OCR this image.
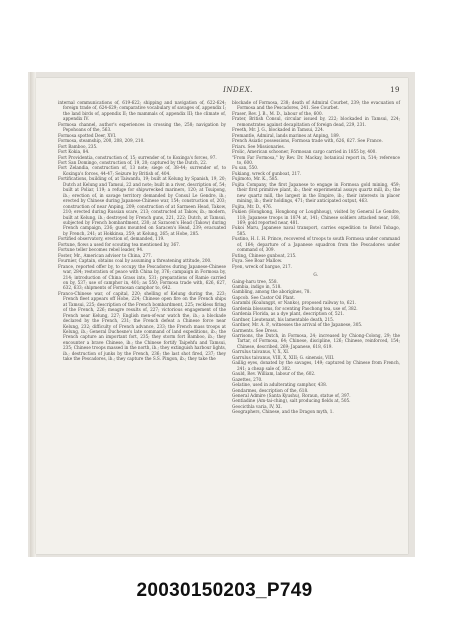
INDEX.	19

internal communications of, 619-622; shipping and navigation of, 622-624; foreign trade of, 624-629; comparative vocabulary of savages of, appendix I; the land birds of, appendix II; the mammals of, appendix III; the climate of, appendix IV.

Formosa channel, author's experiences in crossing the, 258; navigation by Pepohoans of the, 563.

Formosa spotted Deer, XVI.

Formosa, steamship, 200, 208, 209, 210.

Fort Bamboo, 235.

Fort Kokia, 84.

Fort Providentia, construction of, 15; surrender of, to Koxinga's forces, 97.

Fort San Domingo, construction of, 19, 20; captured by the Dutch, 22.

Fort Zelandia, construction of, 13 note; siege of, 38-44; surrender of, to Koxinga's forces, 44-47; Seizure by British of, 404.

Fortifications, building of, at Taiwanfu, 19; built at Kelung by Spanish, 19, 20; Dutch at Kelung and Tamsui, 22 and note; built in a river, description of, 54; built at Poliar, 119; a refuge for shipwrecked mariners, 120; at Tsuipong, ib.; erection of, in savage territory demanded by Consul Le Gendre, ib.; erected by Chinese during Japanese-Chinese war, 154; construction of, 203; construction of near Anping, 209; construction of at Sarmeen Head, Takow, 210; erected during Russian scare, 213; constructed at Takow, ib.; modern, built at Kelung, ib.; destroyed by French guns, 221, 222; Dutch, at Tamsui, subjected by French bombardment, 230; at Saracen's Head (Takow) during French campaign, 236; guns mounted on Saracen's Head, 239; evacuated by French, 241; at Hokkinsa, 259; at Kelung, 265; at Hobe, 285.

Fortified observatory, erection of, demanded, 119.

Fortune, flows a used for scouting tea mentioned by, 367.

Fortune teller becomes rebel leader, 94.

Foster, Mr., American adviser to China, 277.

Fournier, Captain, obtains coal by assuming a threatening attitude, 200.

France, reported offer by, to occupy the Pescadores during Japanese-Chinese war, 284; restoration of peace with China by, 376; campaign in Formosa by, 214; introduction of China Grass into, 531; preparations of Ramie carried on by, 537; use of camphor in, 401; as 550; Formosa trade with, 626, 627, 632, 633; shipments of Formosan camphor to, 642.

Franco-Chinese war, of capital, 220; shelling of Kelung during the, 223; French fleet appears off Hobe, 224; Chinese open fire on the French ships at Tamsui, 225; description of the French bombardment, 225; reckless firing of the French, 226; meagre results of, 227; victorious engagement of the French near Kelung, 227; English men-of-war watch the, ib.; a blockade declared by the French, 231; the French defeat a Chinese force near Kelung, 232; difficulty of French advance, 233; the French mass troops at Kelung, ib.; General Duchesne's late command of land expeditions, ib.; the French capture an important fort, 235; they storm fort Bamboo, ib.; they encounter a brave Chinese, ib.; the Chinese fortify Taipehfu and Tamsui, 235; Chinese troops massed in the north, ib.; they extinguish harbour lights, ib.; destruction of junks by the French, 236; the last shot fired, 237; they take the Pescadores, ib.; they capture the S.S. Pingon, ib.; they take the

blockade of Formosa, 238; death of Admiral Courbet, 239; the evacuation of Formosa and the Pescadores, 241. See Courbet.

Fraser, Rev. J. B., M. D., labour of the, 600.

Frater, British Consul, circular issued by, 222; blockaded in Tamsui, 224; remonstrates against decapitation of foreign dead, 229, 231.

Freeth, Mr. J. G., blockaded in Tamsui, 224.

Fremantle, Admiral, lands marines at Anping, 189.

French Asiatic possessions, Formosa trade with, 626, 627. See France.

Friars. See Missionaries.

Frolic, American schooner, Formosan cargo carried in 1855 by, 400.

"From Far Formosa," by Rev. Dr. Mackay, botanical report in, 514; reference to, 600.

Fu san, 550.

Fukiang, wreck of gunboat, 217.

Fujimoto, Mr. K., 585.

Fujita Company, the first Japanese to engage in Formosa gold mining, 459; their first primitive plant, ib.; their experimental assays quartz mill, ib.; the new quartz mill, the largest in the Empire, ib.; their interests in placer mining, ib.; their holdings, 471; their anticipated output, 463.

Fujita, Mr. D., 476.

Fukien (Hongkong, Hongkong or Loughhoug), visited by General Le Gendre, 118; Japanese troops in 1874 at, 141; Chinese soldiers attacked near, 168, 169; gold reported near, 481.

Fukoi Maru, Japanese naval transport, carries expedition to Botel Tobago, 585.

Fustino, H. I. H. Prince, recovered of troops to south Formosa under command of, 164; departure of a Japanese squadron from the Pescadores under command of, 309.

Futing, Chinese gunboat, 215.

Fuya. See Boar Mallow.

Fyen, wreck of bargue, 217.

G.

Gaing-haru tree, 558.

Gambia, indigo in, 518.

Gambling, among the aborigines, 78.

Gapcob. See Castor Oil Plant.

Garambi (Koalungpt, or Nanko), proposed railway to, 621.

Gardenia blossoms, for scenting Paochong tea, use of, 382.

Gardenia Florida, as a dye plant, description of, 521.

Gardner, Lieutenant, his lamentable death, 215.

Gardner, Mr. A. P., witnesses the arrival of the Japanese, 305.

Garments. See Dress.

Garrisons, the Dutch, in Formosa, 24; increased by Chiong-Colong, 29; the Tartar, of Formosa, 64; Chinese, discipline, 126; Chinese, reinforced, 154; Chinese, described, 269; Japanese, 618, 619.

Garrulus taivanus, V, X, XI.

Garrulus taivanus, VIII, X, XIII; G. sinensis, VIII.

Gaillig eyes, donated by the savages, 149; captured by Chinese from French, 241; a cheap sale of, 302.

Gauld, Rev. William, labour of the, 602.

Gazettes, 270.

Gelatine, used in adulterating camphor, 438.

Gendarmes, description of the, 618.

General Admire (Santa Kyushu), Roraun, statue of, 397.

Gentiadine (Am-tai-ching), salt producing fields at, 505.

Geocicthla varia, IV, XI.

Geographers, Chinese, and the Dragon myth, 1.

20030150203_P749
